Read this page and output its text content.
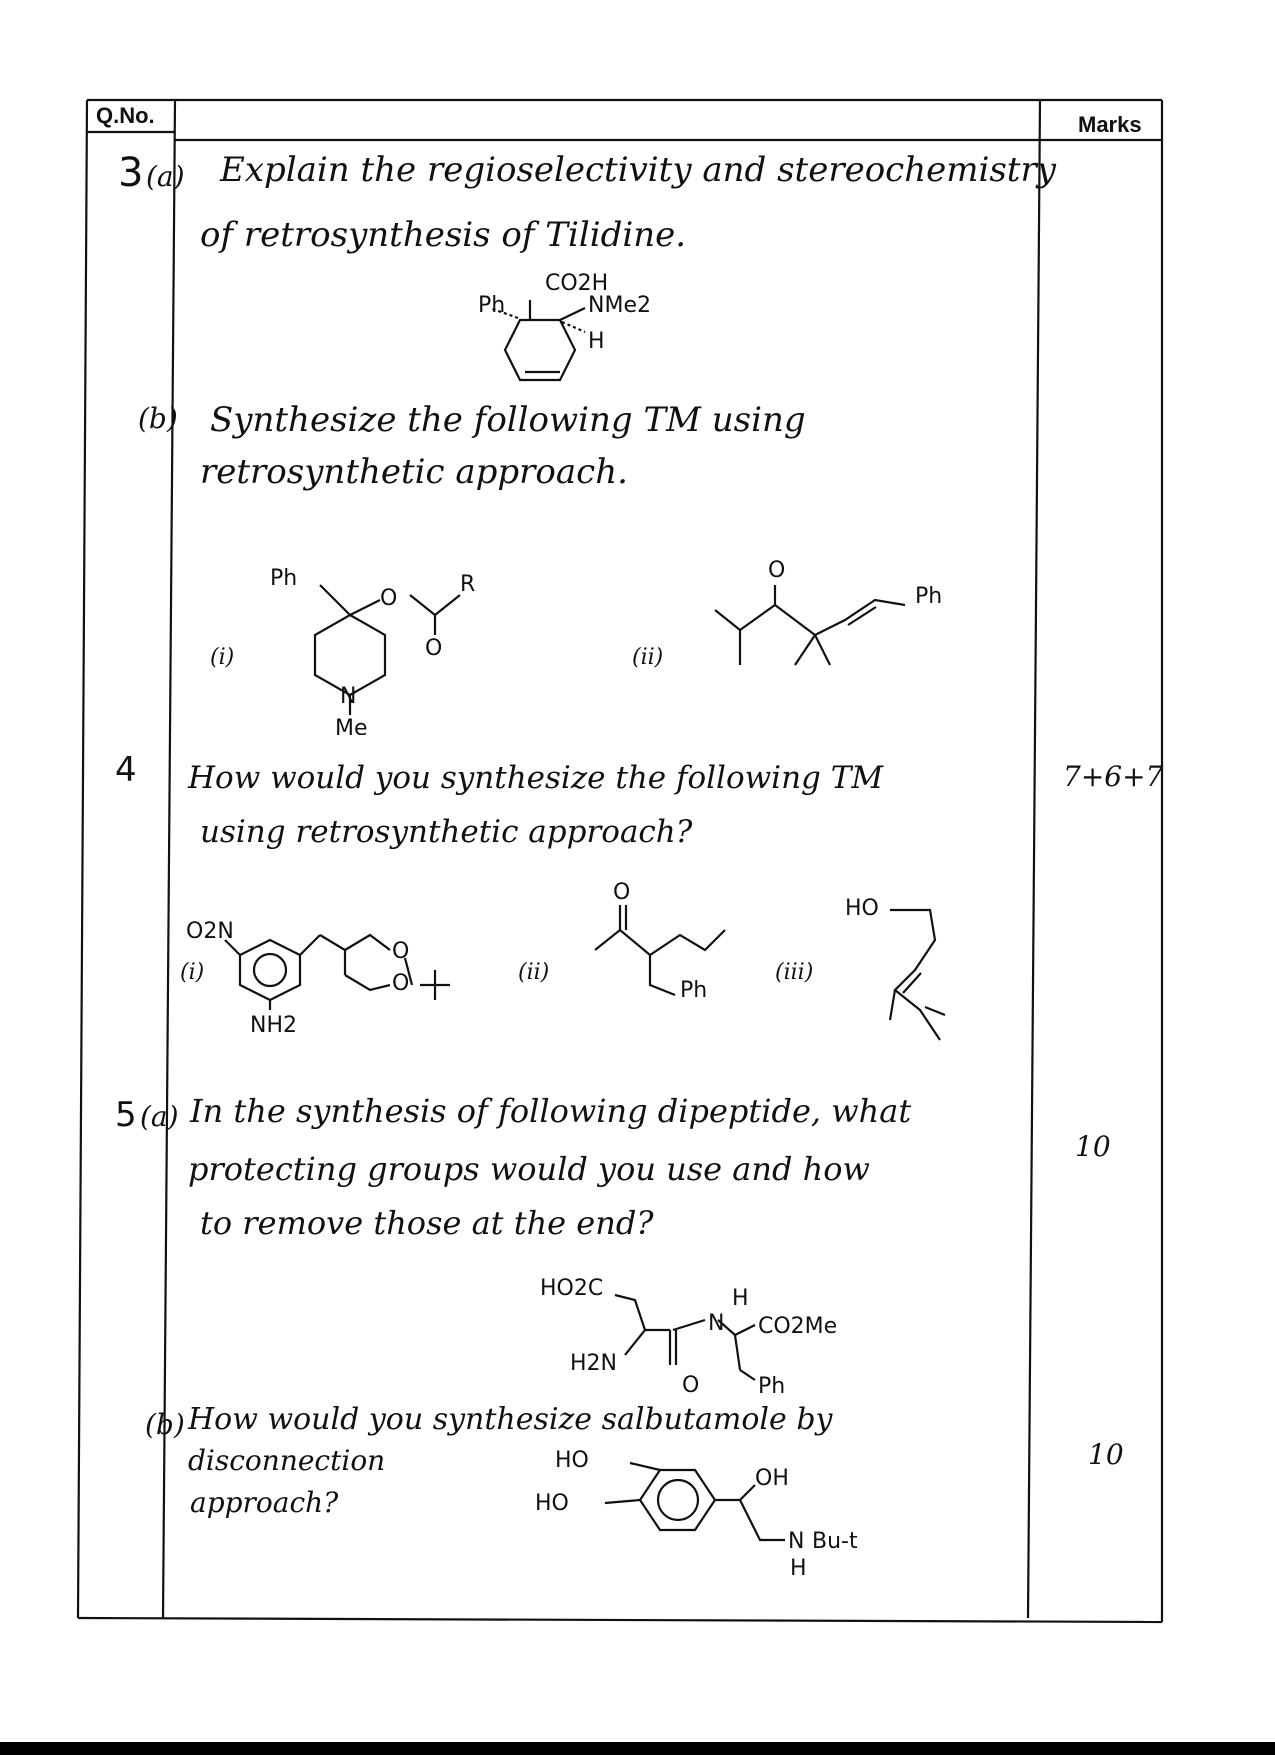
Q.No.	Marks
3 (a) Explain the regioselectivity and stereochemistry
of retrosynthesis of Tilidine.
Ph
CO2H
NMe2
H
(b) Synthesize the following TM using
retrosynthetic approach.
(i)
Ph
O
R
O
N
Me
(ii)
O
Ph
4 How would you synthesize the following TM
using retrosynthetic approach?
7+6+7
(i)
O2N
O
O
NH2
(ii)
O
Ph
(iii)
HO
5 (a) In the synthesis of following dipeptide, what
protecting groups would you use and how
to remove those at the end?
10
HO2C
H2N
O
H
N CO2Me
Ph
(b) How would you synthesize salbutamole by
disconnection
approach?
10
HO
HO
OH
N Bu-t
H
